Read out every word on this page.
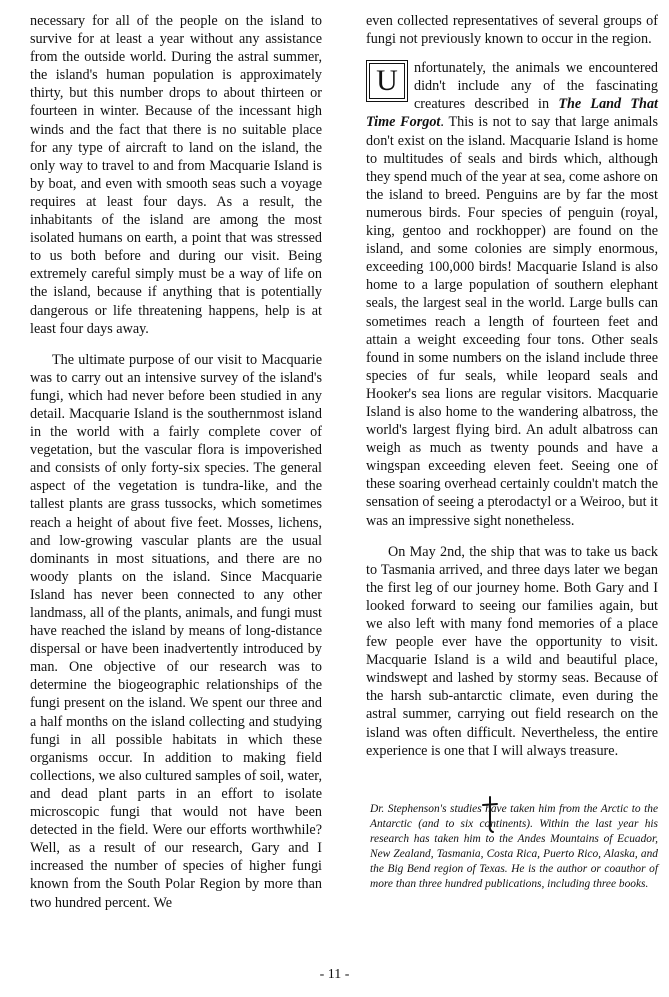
necessary for all of the people on the island to survive for at least a year without any assistance from the outside world. During the astral summer, the island's human population is approximately thirty, but this number drops to about thirteen or fourteen in winter. Because of the incessant high winds and the fact that there is no suitable place for any type of aircraft to land on the island, the only way to travel to and from Macquarie Island is by boat, and even with smooth seas such a voyage requires at least four days. As a result, the inhabitants of the island are among the most isolated humans on earth, a point that was stressed to us both before and during our visit. Being extremely careful simply must be a way of life on the island, because if anything that is potentially dangerous or life threatening happens, help is at least four days away.

The ultimate purpose of our visit to Macquarie was to carry out an intensive survey of the island's fungi, which had never before been studied in any detail. Macquarie Island is the southernmost island in the world with a fairly complete cover of vegetation, but the vascular flora is impoverished and consists of only forty-six species. The general aspect of the vegetation is tundra-like, and the tallest plants are grass tussocks, which sometimes reach a height of about five feet. Mosses, lichens, and low-growing vascular plants are the usual dominants in most situations, and there are no woody plants on the island. Since Macquarie Island has never been connected to any other landmass, all of the plants, animals, and fungi must have reached the island by means of long-distance dispersal or have been inadvertently introduced by man. One objective of our research was to determine the biogeographic relationships of the fungi present on the island. We spent our three and a half months on the island collecting and studying fungi in all possible habitats in which these organisms occur. In addition to making field collections, we also cultured samples of soil, water, and dead plant parts in an effort to isolate microscopic fungi that would not have been detected in the field. Were our efforts worthwhile? Well, as a result of our research, Gary and I increased the number of species of higher fungi known from the South Polar Region by more than two hundred percent. We

even collected representatives of several groups of fungi not previously known to occur in the region.

U	nfortunately, the animals we encountered didn't include any of the fascinating creatures described in The Land That Time Forgot. This is not to say that large animals don't exist on the island. Macquarie Island is home to multitudes of seals and birds which, although they spend much of the year at sea, come ashore on the island to breed. Penguins are by far the most numerous birds. Four species of penguin (royal, king, gentoo and rockhopper) are found on the island, and some colonies are simply enormous, exceeding 100,000 birds! Macquarie Island is also home to a large population of southern elephant seals, the largest seal in the world. Large bulls can sometimes reach a length of fourteen feet and attain a weight exceeding four tons. Other seals found in some numbers on the island include three species of fur seals, while leopard seals and Hooker's sea lions are regular visitors. Macquarie Island is also home to the wandering albatross, the world's largest flying bird. An adult albatross can weigh as much as twenty pounds and have a wingspan exceeding eleven feet. Seeing one of these soaring overhead certainly couldn't match the sensation of seeing a pterodactyl or a Weiroo, but it was an impressive sight nonetheless.

On May 2nd, the ship that was to take us back to Tasmania arrived, and three days later we began the first leg of our journey home. Both Gary and I looked forward to seeing our families again, but we also left with many fond memories of a place few people ever have the opportunity to visit. Macquarie Island is a wild and beautiful place, windswept and lashed by stormy seas. Because of the harsh sub-antarctic climate, even during the astral summer, carrying out field research on the island was often difficult. Nevertheless, the entire experience is one that I will always treasure.

Dr. Stephenson's studies have taken him from the Arctic to the Antarctic (and to six continents). Within the last year his research has taken him to the Andes Mountains of Ecuador, New Zealand, Tasmania, Costa Rica, Puerto Rico, Alaska, and the Big Bend region of Texas. He is the author or coauthor of more than three hundred publications, including three books.

- 11 -
